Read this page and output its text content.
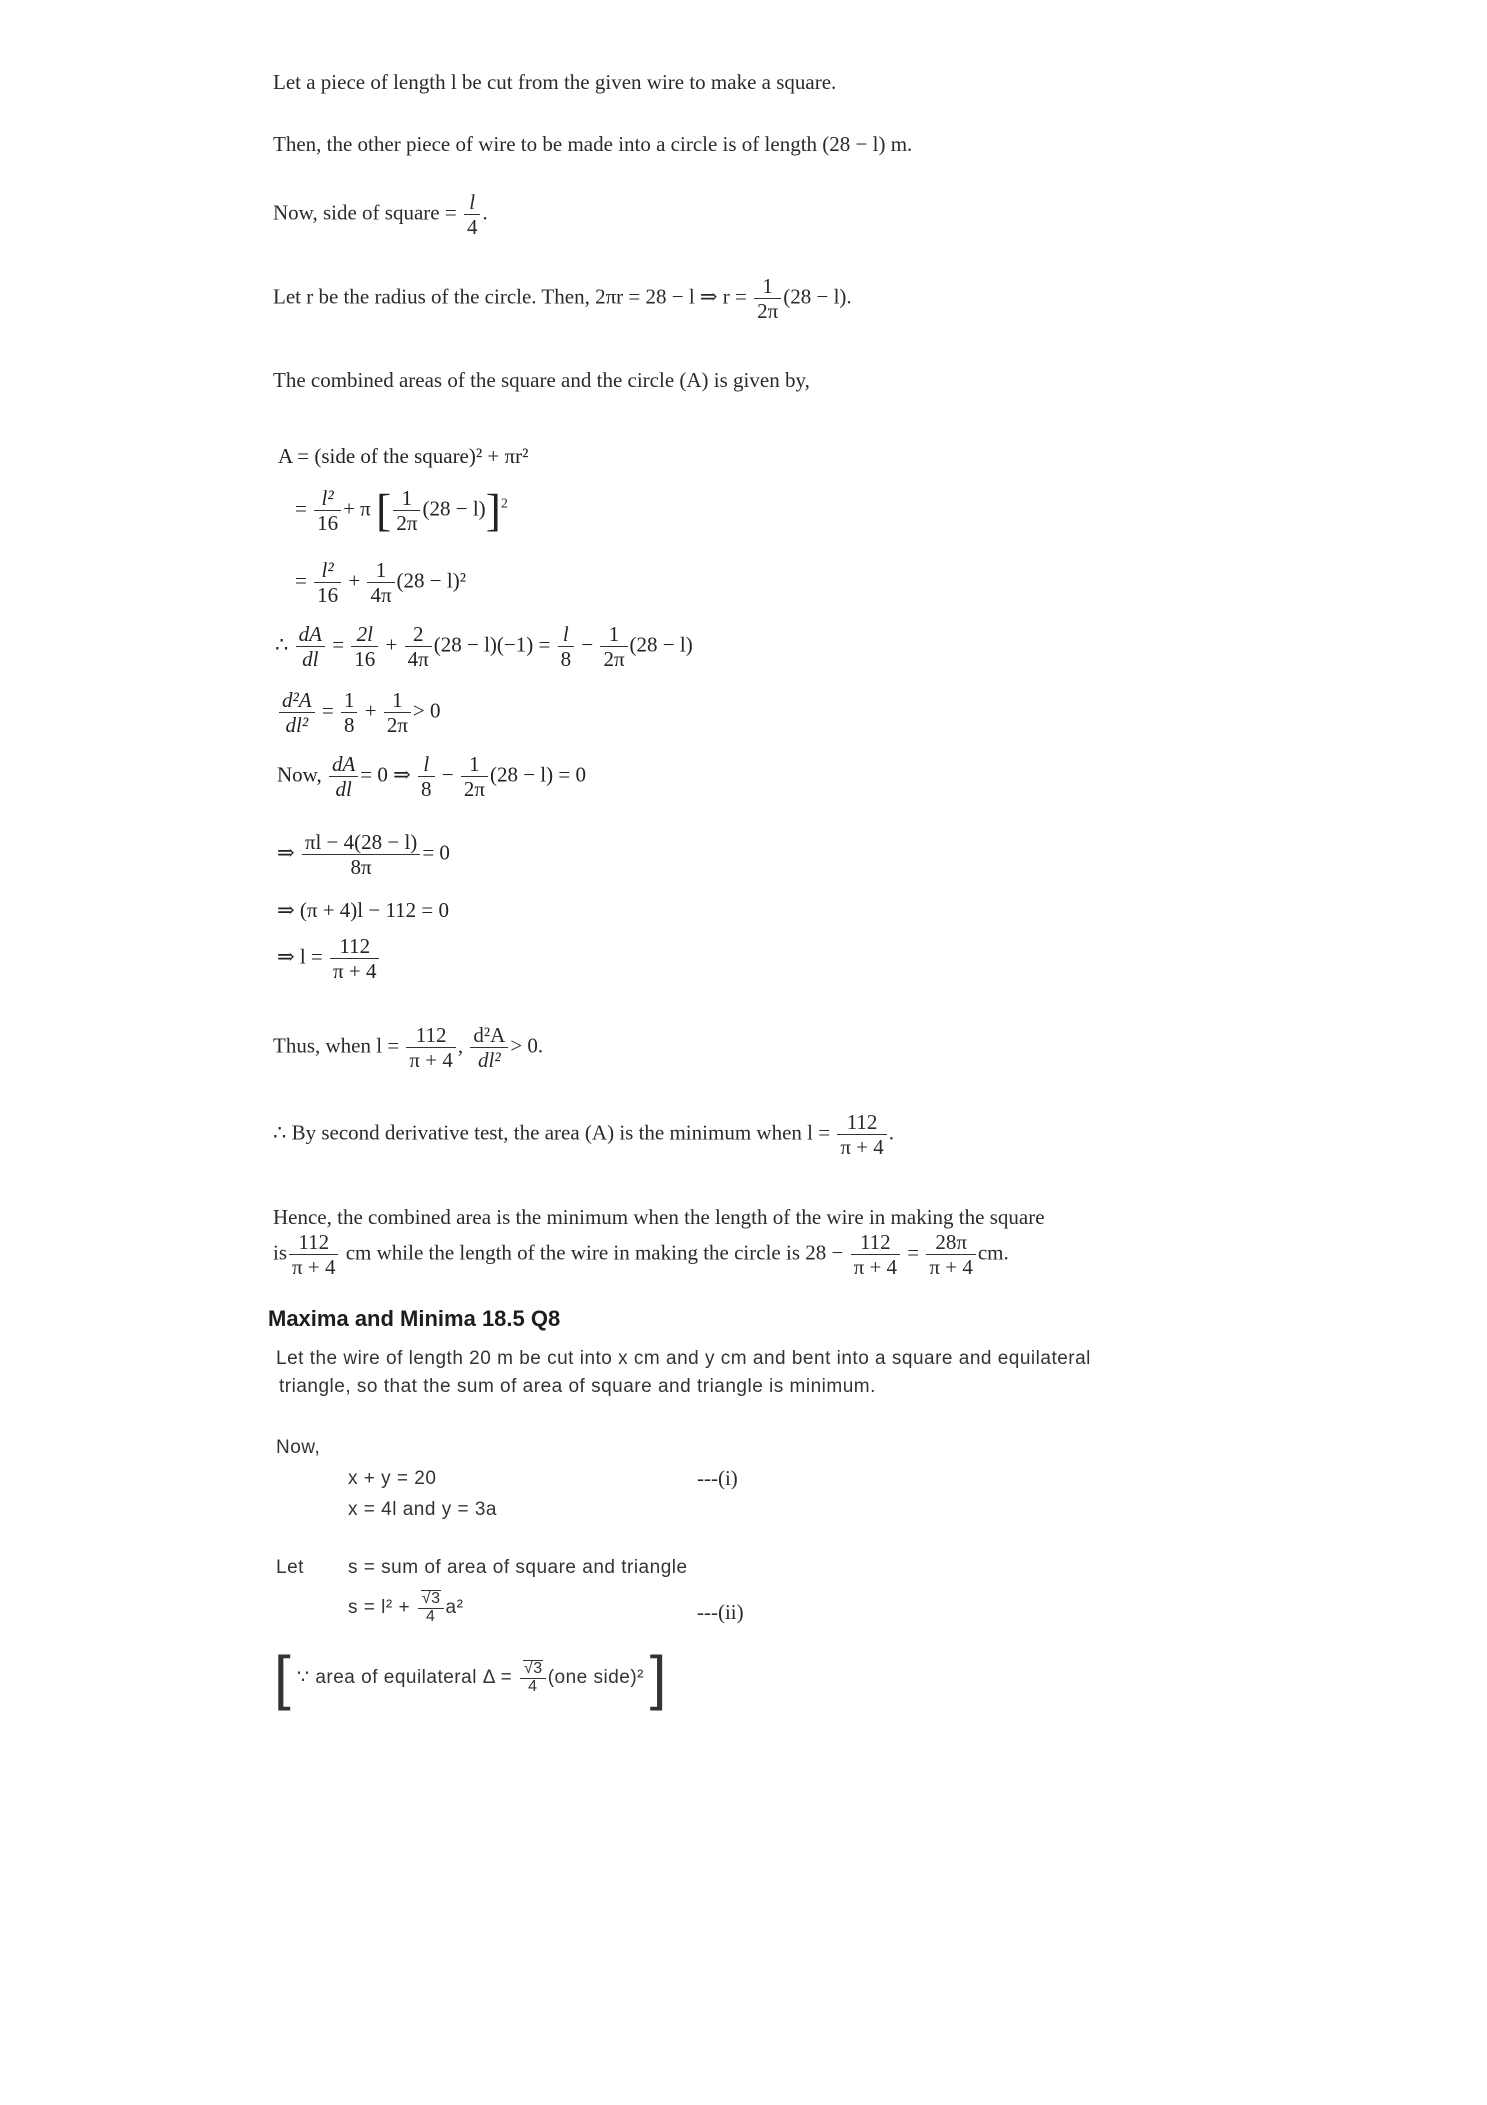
Let a piece of length l be cut from the given wire to make a square.
Then, the other piece of wire to be made into a circle is of length (28 − l) m.
Now, side of square = $\frac{l}{4}$ .
Let r be the radius of the circle. Then, 2πr = 28 − l ⇒ $r = \frac{1}{2\pi} (28 - l)$.
The combined areas of the square and the circle (A) is given by,
A = (side of the square)² + πr²
= $\frac{\text{l²}}{16} + \pi$ [ $\frac{1}{2\pi} (28 - l)]^2$
= $\frac{\text{l²}}{16} + \frac{1}{4\pi} (28 - l)^2$
∴ $\frac{dA}{dl} = \frac{2l}{16} + \frac{2}{4\pi} (28 - l)(-1) = \frac{l}{8} - \frac{1}{2\pi} (28 - l)$
$\frac{\text{d²A}}{\text{dl²}} = \frac{1}{8} + \frac{1}{2\pi} > 0$
Now, $\frac{dA}{dl} = 0$ ⇒ $\frac{l}{8} - \frac{1}{2\pi} (28 - l) = 0$
⇒ $\frac{\pi l - 4(28 - l)}{8\pi} = 0$
⇒ (π + 4)l − 112 = 0
⇒ $l = \frac{112}{\pi + 4}$
Thus, when $l = \frac{112}{\pi + 4}$ , $\frac{\text{d²A}}{\text{dl²}} > 0$.
∴ By second derivative test, the area (A) is the minimum when $l = \frac{112}{\pi + 4}$ .
Hence, the combined area is the minimum when the length of the wire in making the square
is $\frac{112}{\pi + 4}$ cm while the length of the wire in making the circle is $28 - \frac{112}{\pi + 4} = \frac{28\pi}{\pi + 4}$ cm.
Maxima and Minima 18.5 Q8
Let the wire of length 20 m be cut into x cm and y cm and bent into a square and equilateral
triangle, so that the sum of area of square and triangle is minimum.
Now,
x + y = 20	---(i)
x = 4l and y = 3a
Let s = sum of area of square and triangle
$s = l^2 + \frac{√3}{4} a^2$	---(ii)
[ ∵ area of equilateral $\Delta = \frac{√3}{4} (one$ side)² ]
